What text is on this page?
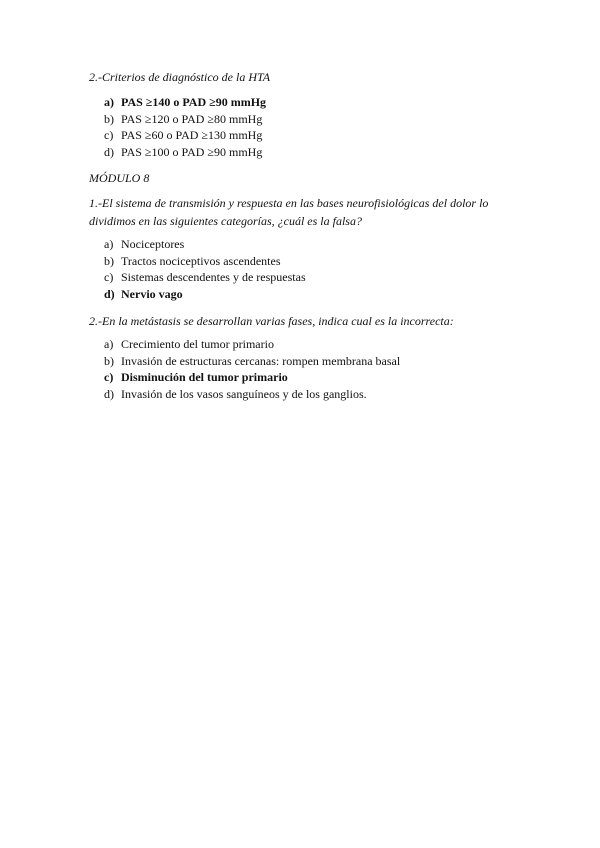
2.-Criterios de diagnóstico de la HTA
a) PAS ≥140 o PAD ≥90 mmHg
b) PAS ≥120 o PAD ≥80 mmHg
c) PAS ≥60 o PAD ≥130 mmHg
d) PAS ≥100 o PAD ≥90 mmHg
MÓDULO 8
1.-El sistema de transmisión y respuesta en las bases neurofisiológicas del dolor lo dividimos en las siguientes categorías, ¿cuál es la falsa?
a) Nociceptores
b) Tractos nociceptivos ascendentes
c) Sistemas descendentes y de respuestas
d) Nervio vago
2.-En la metástasis se desarrollan varias fases, indica cual es la incorrecta:
a) Crecimiento del tumor primario
b) Invasión de estructuras cercanas: rompen membrana basal
c) Disminución del tumor primario
d) Invasión de los vasos sanguíneos y de los ganglios.
